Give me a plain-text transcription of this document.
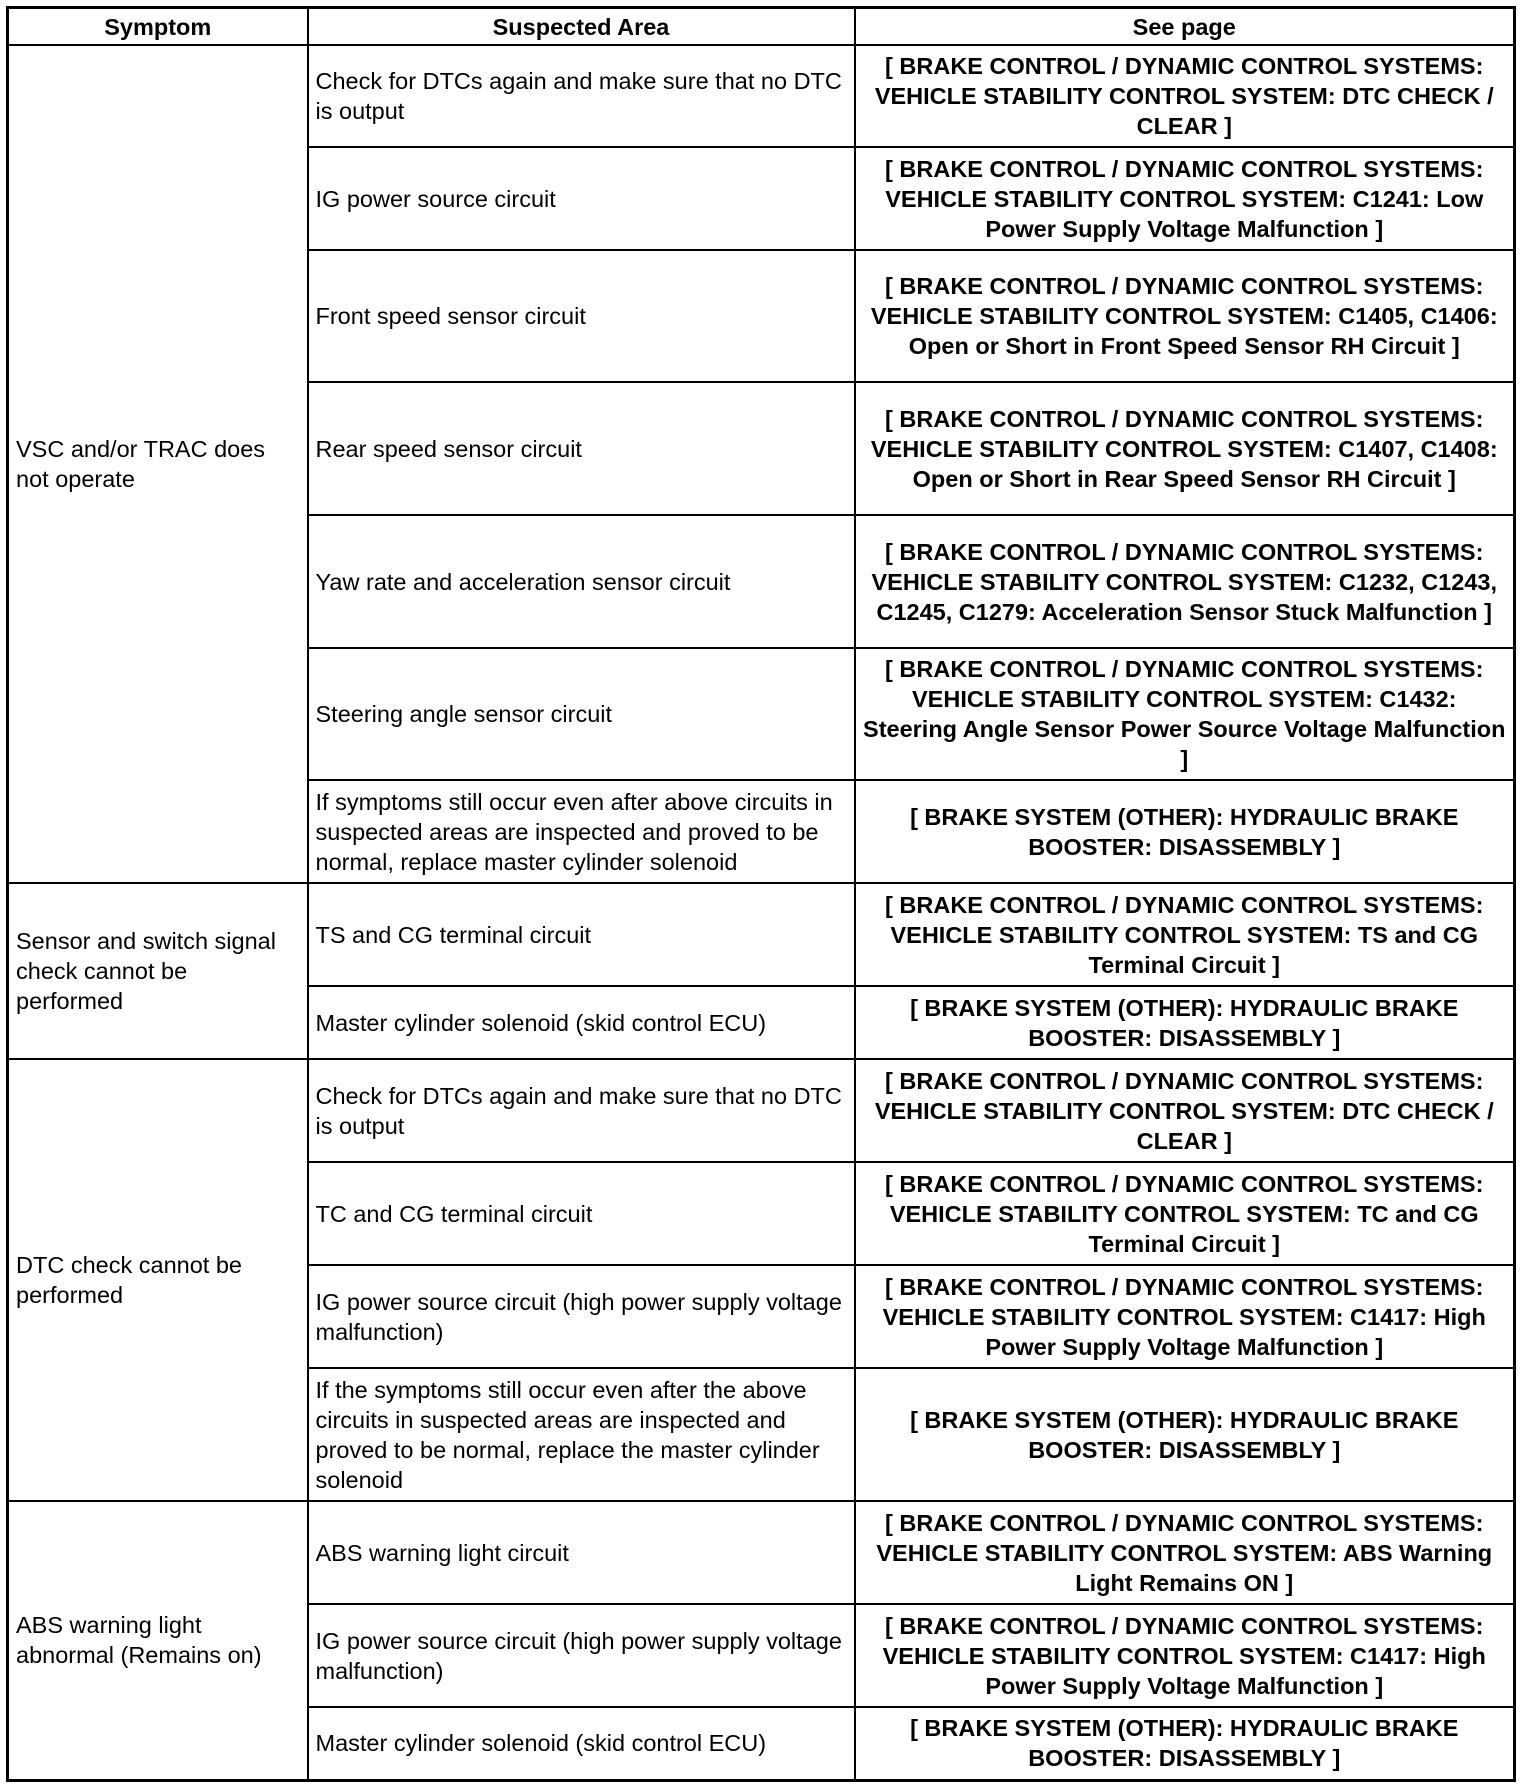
Symptom	Suspected Area	See page
VSC and/or TRAC does not operate	Check for DTCs again and make sure that no DTC is output	[ BRAKE CONTROL / DYNAMIC CONTROL SYSTEMS: VEHICLE STABILITY CONTROL SYSTEM: DTC CHECK / CLEAR ]
	IG power source circuit	[ BRAKE CONTROL / DYNAMIC CONTROL SYSTEMS: VEHICLE STABILITY CONTROL SYSTEM: C1241: Low Power Supply Voltage Malfunction ]
	Front speed sensor circuit	[ BRAKE CONTROL / DYNAMIC CONTROL SYSTEMS: VEHICLE STABILITY CONTROL SYSTEM: C1405, C1406: Open or Short in Front Speed Sensor RH Circuit ]
	Rear speed sensor circuit	[ BRAKE CONTROL / DYNAMIC CONTROL SYSTEMS: VEHICLE STABILITY CONTROL SYSTEM: C1407, C1408: Open or Short in Rear Speed Sensor RH Circuit ]
	Yaw rate and acceleration sensor circuit	[ BRAKE CONTROL / DYNAMIC CONTROL SYSTEMS: VEHICLE STABILITY CONTROL SYSTEM: C1232, C1243, C1245, C1279: Acceleration Sensor Stuck Malfunction ]
	Steering angle sensor circuit	[ BRAKE CONTROL / DYNAMIC CONTROL SYSTEMS: VEHICLE STABILITY CONTROL SYSTEM: C1432: Steering Angle Sensor Power Source Voltage Malfunction ]
	If symptoms still occur even after above circuits in suspected areas are inspected and proved to be normal, replace master cylinder solenoid	[ BRAKE SYSTEM (OTHER): HYDRAULIC BRAKE BOOSTER: DISASSEMBLY ]
Sensor and switch signal check cannot be performed	TS and CG terminal circuit	[ BRAKE CONTROL / DYNAMIC CONTROL SYSTEMS: VEHICLE STABILITY CONTROL SYSTEM: TS and CG Terminal Circuit ]
	Master cylinder solenoid (skid control ECU)	[ BRAKE SYSTEM (OTHER): HYDRAULIC BRAKE BOOSTER: DISASSEMBLY ]
DTC check cannot be performed	Check for DTCs again and make sure that no DTC is output	[ BRAKE CONTROL / DYNAMIC CONTROL SYSTEMS: VEHICLE STABILITY CONTROL SYSTEM: DTC CHECK / CLEAR ]
	TC and CG terminal circuit	[ BRAKE CONTROL / DYNAMIC CONTROL SYSTEMS: VEHICLE STABILITY CONTROL SYSTEM: TC and CG Terminal Circuit ]
	IG power source circuit (high power supply voltage malfunction)	[ BRAKE CONTROL / DYNAMIC CONTROL SYSTEMS: VEHICLE STABILITY CONTROL SYSTEM: C1417: High Power Supply Voltage Malfunction ]
	If the symptoms still occur even after the above circuits in suspected areas are inspected and proved to be normal, replace the master cylinder solenoid	[ BRAKE SYSTEM (OTHER): HYDRAULIC BRAKE BOOSTER: DISASSEMBLY ]
ABS warning light abnormal (Remains on)	ABS warning light circuit	[ BRAKE CONTROL / DYNAMIC CONTROL SYSTEMS: VEHICLE STABILITY CONTROL SYSTEM: ABS Warning Light Remains ON ]
	IG power source circuit (high power supply voltage malfunction)	[ BRAKE CONTROL / DYNAMIC CONTROL SYSTEMS: VEHICLE STABILITY CONTROL SYSTEM: C1417: High Power Supply Voltage Malfunction ]
	Master cylinder solenoid (skid control ECU)	[ BRAKE SYSTEM (OTHER): HYDRAULIC BRAKE BOOSTER: DISASSEMBLY ]
